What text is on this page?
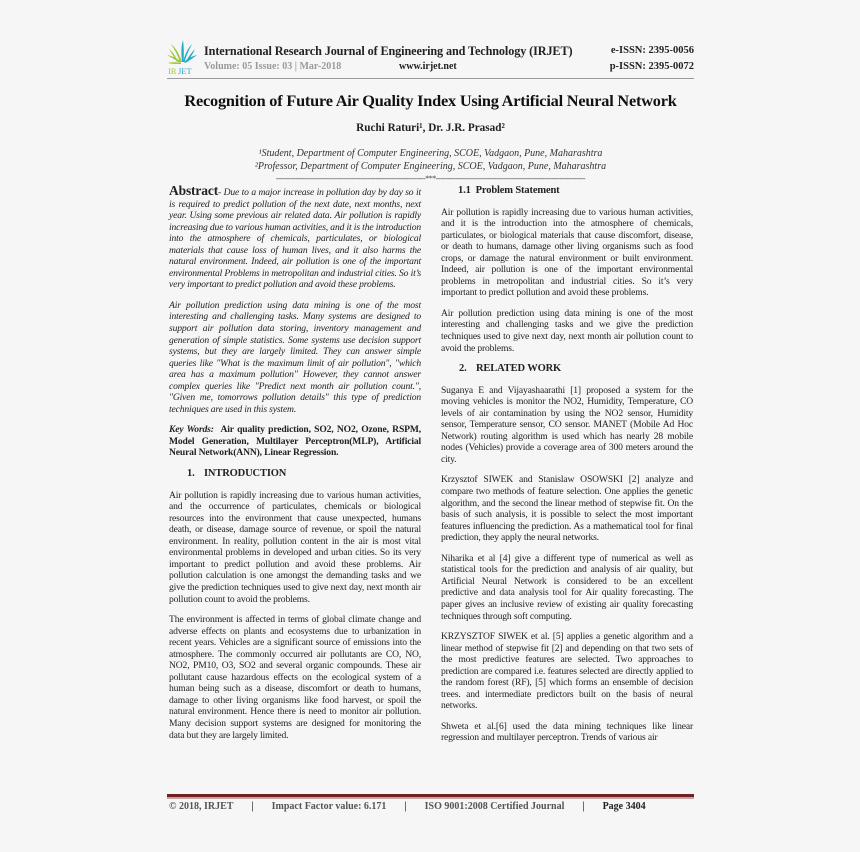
IR JET
International Research Journal of Engineering and Technology (IRJET)	e-ISSN: 2395-0056
Volume: 05 Issue: 03 | Mar-2018	www.irjet.net	p-ISSN: 2395-0072
Recognition of Future Air Quality Index Using Artificial Neural Network
Ruchi Raturi¹, Dr. J.R. Prasad²
¹Student, Department of Computer Engineering, SCOE, Vadgaon, Pune, Maharashtra
²Professor, Department of Computer Engineering, SCOE, Vadgaon, Pune, Maharashtra
---------------------------------------------------------------------***---------------------------------------------------------------------

Abstract- Due to a major increase in pollution day by day so it is required to predict pollution of the next date, next months, next year. Using some previous air related data. Air pollution is rapidly increasing due to various human activities, and it is the introduction into the atmosphere of chemicals, particulates, or biological materials that cause loss of human lives, and it also harms the natural environment. Indeed, air pollution is one of the important environmental Problems in metropolitan and industrial cities. So it’s very important to predict pollution and avoid these problems.

Air pollution prediction using data mining is one of the most interesting and challenging tasks. Many systems are designed to support air pollution data storing, inventory management and generation of simple statistics. Some systems use decision support systems, but they are largely limited. They can answer simple queries like "What is the maximum limit of air pollution", "which area has a maximum pollution" However, they cannot answer complex queries like "Predict next month air pollution count.", "Given me, tomorrows pollution details" this type of prediction techniques are used in this system.

Key Words: Air quality prediction, SO2, NO2, Ozone, RSPM, Model Generation, Multilayer Perceptron(MLP), Artificial Neural Network(ANN), Linear Regression.

1. INTRODUCTION

Air pollution is rapidly increasing due to various human activities, and the occurrence of particulates, chemicals or biological resources into the environment that cause unexpected, humans death, or disease, damage source of revenue, or spoil the natural environment. In reality, pollution content in the air is most vital environmental problems in developed and urban cities. So its very important to predict pollution and avoid these problems. Air pollution calculation is one amongst the demanding tasks and we give the prediction techniques used to give next day, next month air pollution count to avoid the problems.

The environment is affected in terms of global climate change and adverse effects on plants and ecosystems due to urbanization in recent years. Vehicles are a significant source of emissions into the atmosphere. The commonly occurred air pollutants are CO, NO, NO2, PM10, O3, SO2 and several organic compounds. These air pollutant cause hazardous effects on the ecological system of a human being such as a disease, discomfort or death to humans, damage to other living organisms like food harvest, or spoil the natural environment. Hence there is need to monitor air pollution. Many decision support systems are designed for monitoring the data but they are largely limited.

1.1 Problem Statement

Air pollution is rapidly increasing due to various human activities, and it is the introduction into the atmosphere of chemicals, particulates, or biological materials that cause discomfort, disease, or death to humans, damage other living organisms such as food crops, or damage the natural environment or built environment. Indeed, air pollution is one of the important environmental problems in metropolitan and industrial cities. So it’s very important to predict pollution and avoid these problems.

Air pollution prediction using data mining is one of the most interesting and challenging tasks and we give the prediction techniques used to give next day, next month air pollution count to avoid the problems.

2. RELATED WORK

Suganya E and Vijayashaarathi [1] proposed a system for the moving vehicles is monitor the NO2, Humidity, Temperature, CO levels of air contamination by using the NO2 sensor, Humidity sensor, Temperature sensor, CO sensor. MANET (Mobile Ad Hoc Network) routing algorithm is used which has nearly 28 mobile nodes (Vehicles) provide a coverage area of 300 meters around the city.

Krzysztof SIWEK and Stanislaw OSOWSKI [2] analyze and compare two methods of feature selection. One applies the genetic algorithm, and the second the linear method of stepwise fit. On the basis of such analysis, it is possible to select the most important features influencing the prediction. As a mathematical tool for final prediction, they apply the neural networks.

Niharika et al [4] give a different type of numerical as well as statistical tools for the prediction and analysis of air quality, but Artificial Neural Network is considered to be an excellent predictive and data analysis tool for Air quality forecasting. The paper gives an inclusive review of existing air quality forecasting techniques through soft computing.

KRZYSZTOF SIWEK et al. [5] applies a genetic algorithm and a linear method of stepwise fit [2] and depending on that two sets of the most predictive features are selected. Two approaches to prediction are compared i.e. features selected are directly applied to the random forest (RF), [5] which forms an ensemble of decision trees. and intermediate predictors built on the basis of neural networks.

Shweta et al.[6] used the data mining techniques like linear regression and multilayer perceptron. Trends of various air

© 2018, IRJET | Impact Factor value: 6.171 | ISO 9001:2008 Certified Journal | Page 3404
